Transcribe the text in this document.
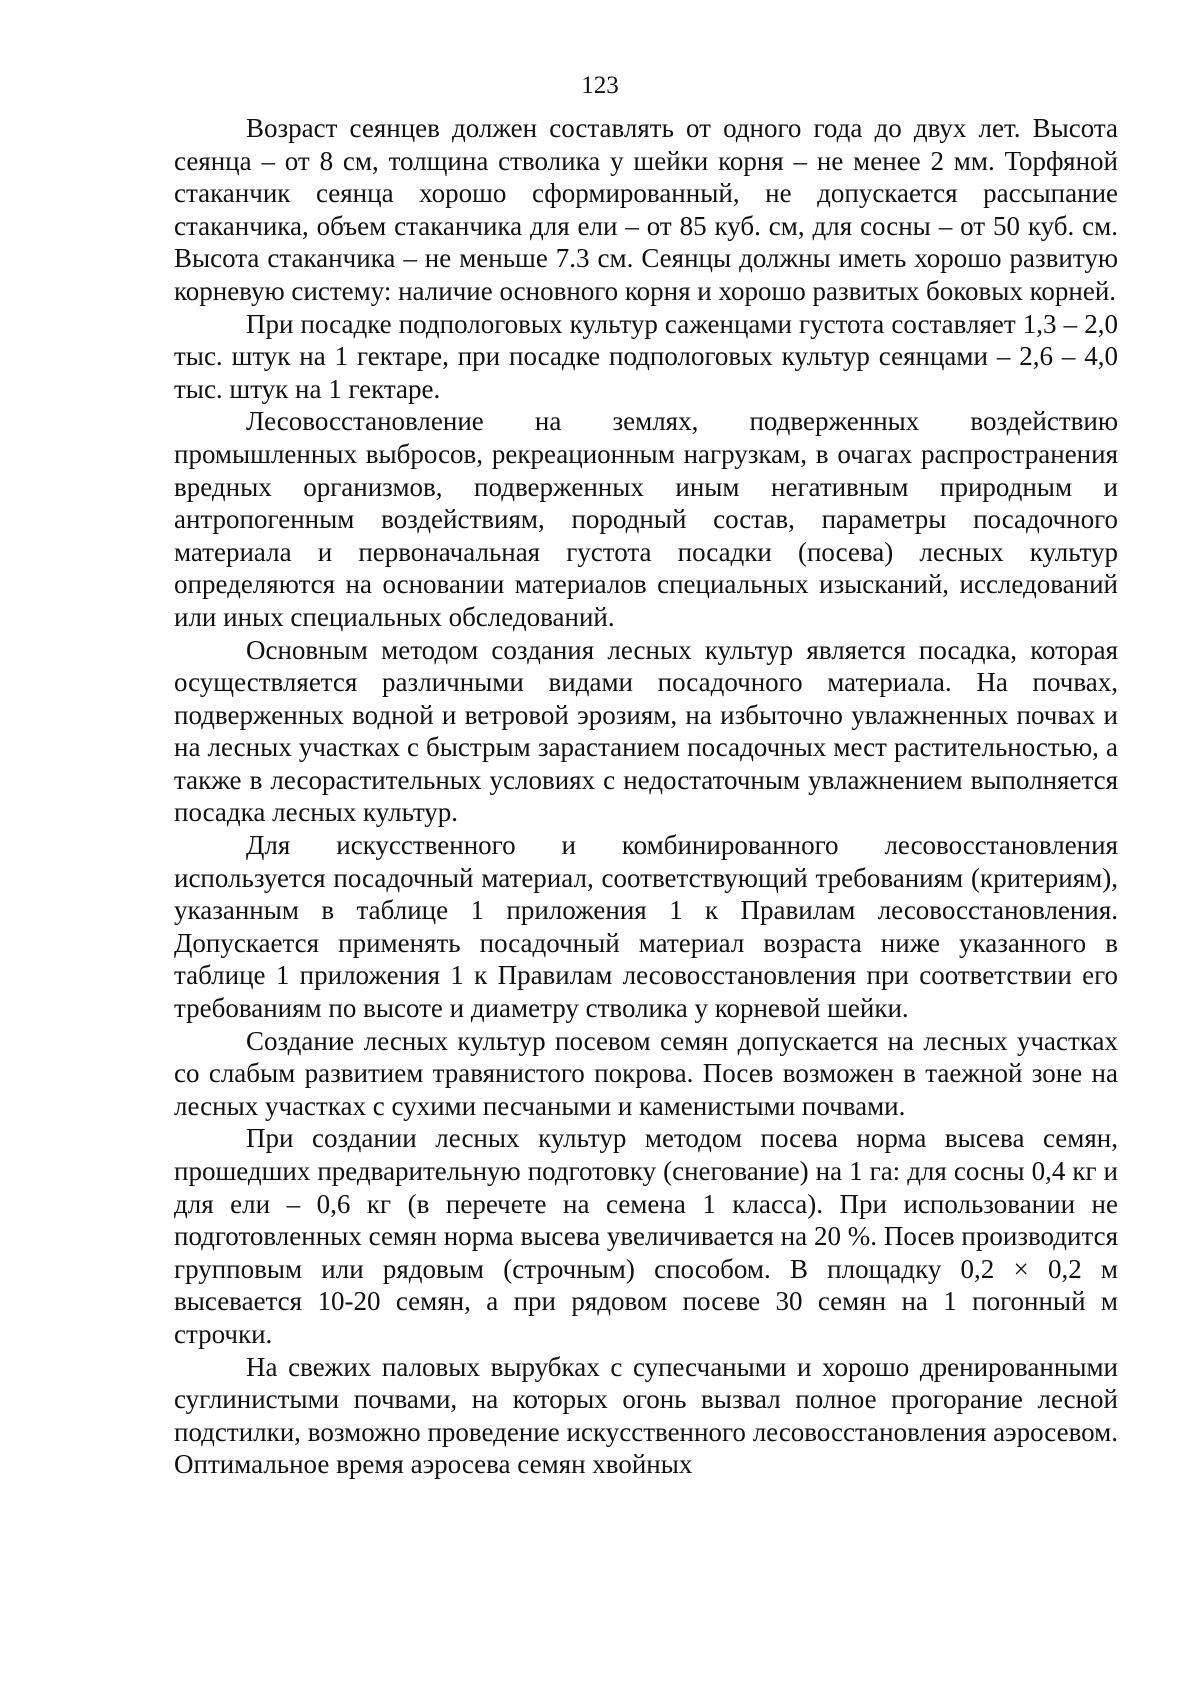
123

Возраст сеянцев должен составлять от одного года до двух лет. Высота сеянца – от 8 см, толщина стволика у шейки корня – не менее 2 мм. Торфяной стаканчик сеянца хорошо сформированный, не допускается рассыпание стаканчика, объем стаканчика для ели – от 85 куб. см, для сосны – от 50 куб. см. Высота стаканчика – не меньше 7.3 см. Сеянцы должны иметь хорошо развитую корневую систему: наличие основного корня и хорошо развитых боковых корней.

При посадке подпологовых культур саженцами густота составляет 1,3 – 2,0 тыс. штук на 1 гектаре, при посадке подпологовых культур сеянцами – 2,6 – 4,0 тыс. штук на 1 гектаре.

Лесовосстановление на землях, подверженных воздействию промышленных выбросов, рекреационным нагрузкам, в очагах распространения вредных организмов, подверженных иным негативным природным и антропогенным воздействиям, породный состав, параметры посадочного материала и первоначальная густота посадки (посева) лесных культур определяются на основании материалов специальных изысканий, исследований или иных специальных обследований.

Основным методом создания лесных культур является посадка, которая осуществляется различными видами посадочного материала. На почвах, подверженных водной и ветровой эрозиям, на избыточно увлажненных почвах и на лесных участках с быстрым зарастанием посадочных мест растительностью, а также в лесорастительных условиях с недостаточным увлажнением выполняется посадка лесных культур.

Для искусственного и комбинированного лесовосстановления используется посадочный материал, соответствующий требованиям (критериям), указанным в таблице 1 приложения 1 к Правилам лесовосстановления. Допускается применять посадочный материал возраста ниже указанного в таблице 1 приложения 1 к Правилам лесовосстановления при соответствии его требованиям по высоте и диаметру стволика у корневой шейки.

Создание лесных культур посевом семян допускается на лесных участках со слабым развитием травянистого покрова. Посев возможен в таежной зоне на лесных участках с сухими песчаными и каменистыми почвами.

При создании лесных культур методом посева норма высева семян, прошедших предварительную подготовку (снегование) на 1 га: для сосны 0,4 кг и для ели – 0,6 кг (в перечете на семена 1 класса). При использовании не подготовленных семян норма высева увеличивается на 20 %. Посев производится групповым или рядовым (строчным) способом. В площадку 0,2 × 0,2 м высевается 10-20 семян, а при рядовом посеве 30 семян на 1 погонный м строчки.

На свежих паловых вырубках с супесчаными и хорошо дренированными суглинистыми почвами, на которых огонь вызвал полное прогорание лесной подстилки, возможно проведение искусственного лесовосстановления аэросевом. Оптимальное время аэросева семян хвойных
